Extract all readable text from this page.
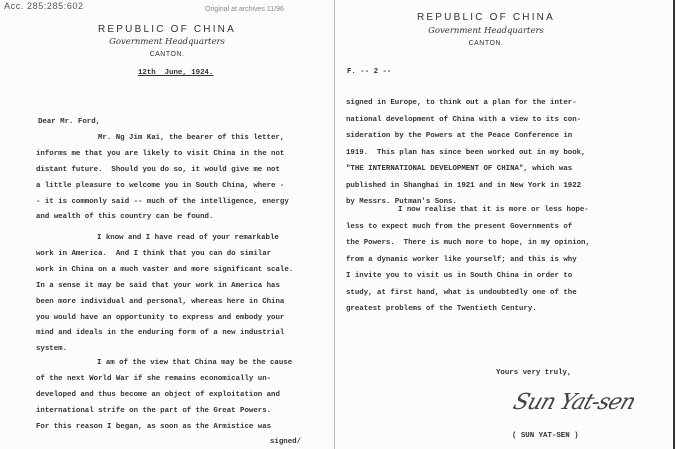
Acc. 285:285:602	Original at archives 11/96
REPUBLIC OF CHINA
Government Headquarters
CANTON.
12th  June, 1924.
Dear Mr. Ford,
Mr. Ng Jim Kai, the bearer of this letter,
informs me that you are likely to visit China in the not
distant future.  Should you do so, it would give me not
a little pleasure to welcome you in South China, where -
- it is commonly said -- much of the intelligence, energy
and wealth of this country can be found.
I know and I have read of your remarkable
work in America.  And I think that you can do similar
work in China on a much vaster and more significant scale.
In a sense it may be said that your work in America has
been more individual and personal, whereas here in China
you would have an opportunity to express and embody your
mind and ideals in the enduring form of a new industrial
system.
I am of the view that China may be the cause
of the next World War if she remains economically un-
developed and thus become an object of exploitation and
international strife on the part of the Great Powers.
For this reason I began, as soon as the Armistice was
signed/
REPUBLIC OF CHINA
Government Headquarters
CANTON.
F. -- 2 --
signed in Europe, to think out a plan for the inter-
national development of China with a view to its con-
sideration by the Powers at the Peace Conference in
1919.  This plan has since been worked out in my book,
"THE INTERNATIONAL DEVELOPMENT OF CHINA", which was
published in Shanghai in 1921 and in New York in 1922
by Messrs. Putman's Sons.
I now realise that it is more or less hope-
less to expect much from the present Governments of
the Powers.  There is much more to hope, in my opinion,
from a dynamic worker like yourself; and this is why
I invite you to visit us in South China in order to
study, at first hand, what is undoubtedly one of the
greatest problems of the Twentieth Century.
Yours very truly,
Sun Yat-sen
( SUN YAT-SEN )
